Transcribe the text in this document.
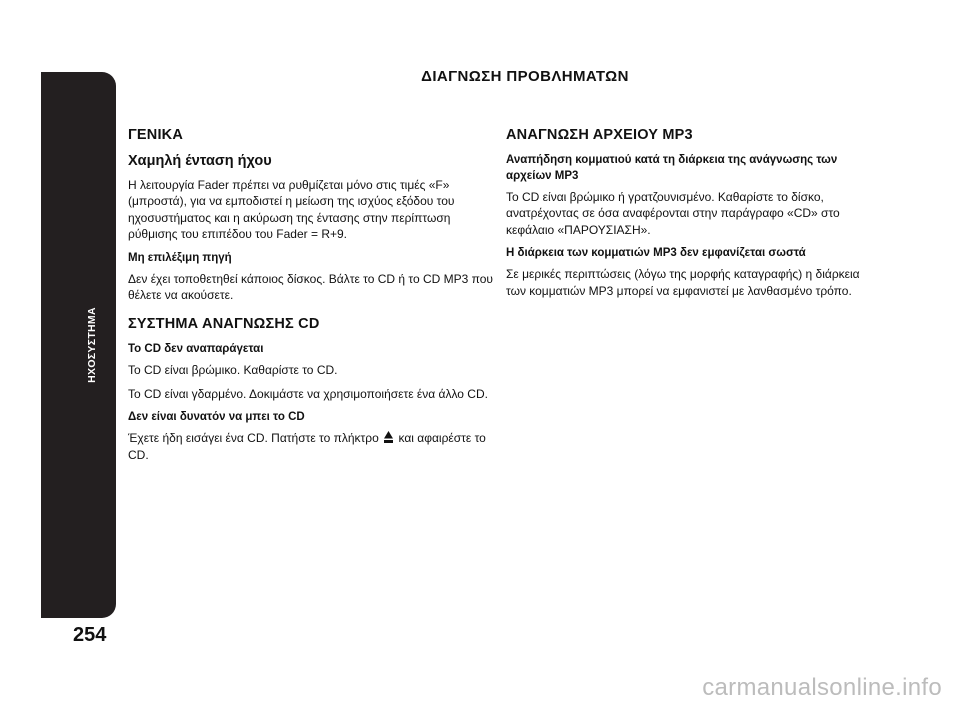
ΗΧΟΣΥΣΤΗΜΑ
ΔΙΑΓΝΩΣΗ ΠΡΟΒΛΗΜΑΤΩΝ
ΓΕΝΙΚΑ
Χαμηλή ένταση ήχου

Η λειτουργία Fader πρέπει να ρυθμίζεται μόνο στις τιμές «F» (μπροστά), για να εμποδιστεί η μείωση της ισχύος εξόδου του ηχοσυστήματος και η ακύρωση της έντασης στην περίπτωση ρύθμισης του επιπέδου του Fader = R+9.

Μη επιλέξιμη πηγή

Δεν έχει τοποθετηθεί κάποιος δίσκος. Βάλτε το CD ή το CD MP3 που θέλετε να ακούσετε.

ΣΥΣΤΗΜΑ ΑΝΑΓΝΩΣΗΣ CD
Το CD δεν αναπαράγεται

Το CD είναι βρώμικο. Καθαρίστε το CD.

Το CD είναι γδαρμένο. Δοκιμάστε να χρησιμοποιήσετε ένα άλλο CD.

Δεν είναι δυνατόν να μπει το CD

Έχετε ήδη εισάγει ένα CD. Πατήστε το πλήκτρο και αφαιρέστε το CD.

ΑΝΑΓΝΩΣΗ ΑΡΧΕΙΟΥ MP3
Αναπήδηση κομματιού κατά τη διάρκεια της ανάγνωσης των αρχείων MP3

Το CD είναι βρώμικο ή γρατζουνισμένο. Καθαρίστε το δίσκο, ανατρέχοντας σε όσα αναφέρονται στην παράγραφο «CD» στο κεφάλαιο «ΠΑΡΟΥΣΙΑΣΗ».

Η διάρκεια των κομματιών MP3 δεν εμφανίζεται σωστά

Σε μερικές περιπτώσεις (λόγω της μορφής καταγραφής) η διάρκεια των κομματιών MP3 μπορεί να εμφανιστεί με λανθασμένο τρόπο.

254
carmanualsonline.info
